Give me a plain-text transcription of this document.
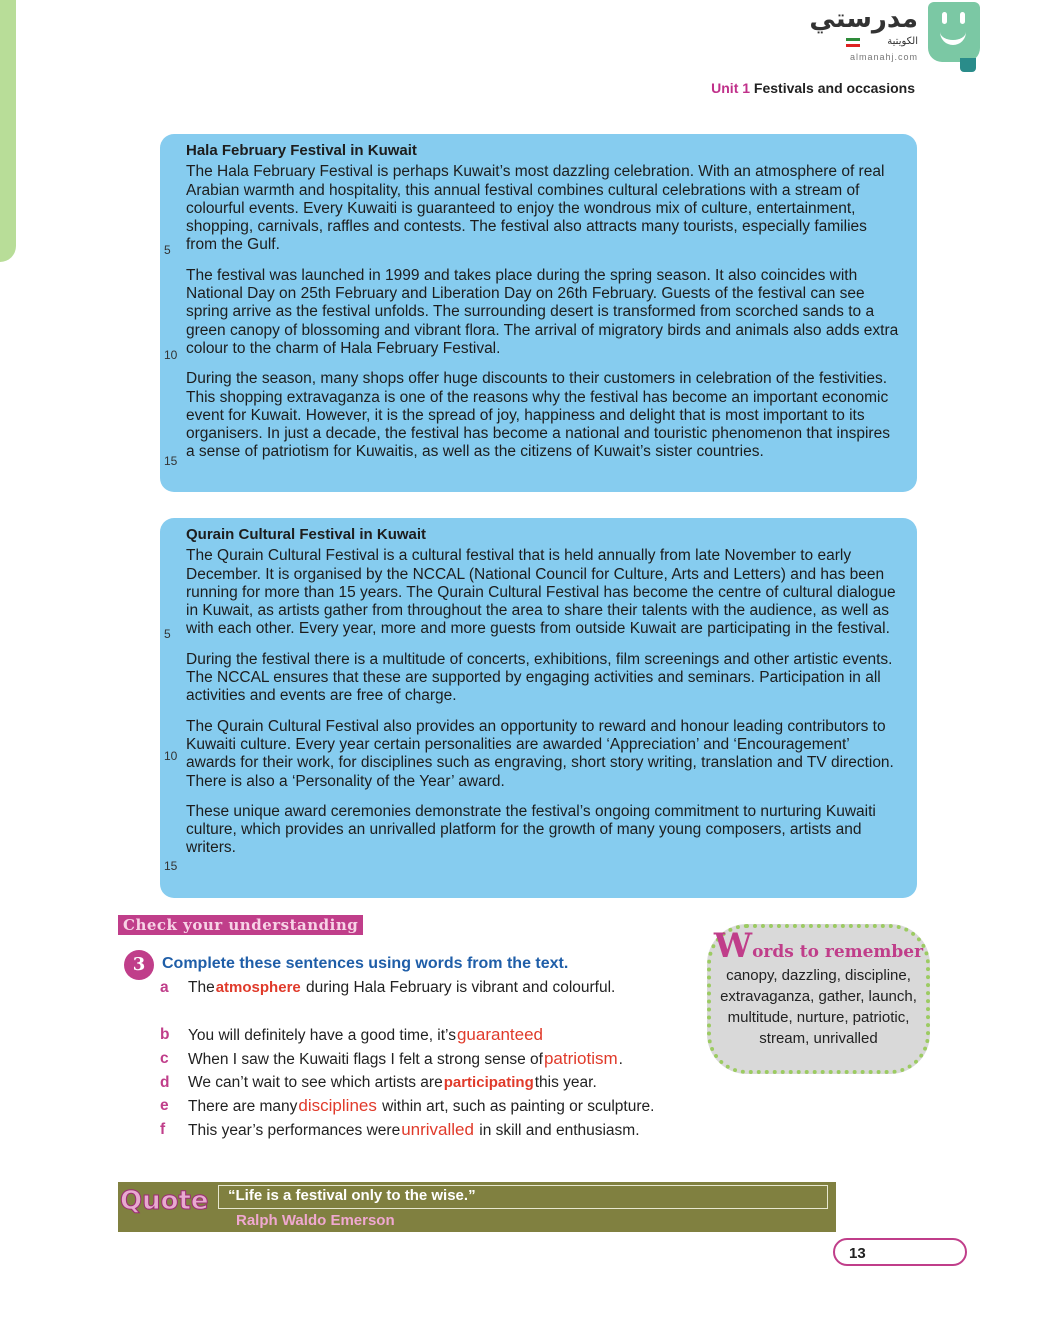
مدرستي
الكويتية
almanahj.com
Unit 1 Festivals and occasions
5
10
15
Hala February Festival in Kuwait

The Hala February Festival is perhaps Kuwait’s most dazzling celebration. With an atmosphere of real Arabian warmth and hospitality, this annual festival combines cultural celebrations with a stream of colourful events. Every Kuwaiti is guaranteed to enjoy the wondrous mix of culture, entertainment, shopping, carnivals, raffles and contests. The festival also attracts many tourists, especially families from the Gulf.

The festival was launched in 1999 and takes place during the spring season. It also coincides with National Day on 25th February and Liberation Day on 26th February. Guests of the festival can see spring arrive as the festival unfolds. The surrounding desert is transformed from scorched sands to a green canopy of blossoming and vibrant flora. The arrival of migratory birds and animals also adds extra colour to the charm of Hala February Festival.

During the season, many shops offer huge discounts to their customers in celebration of the festivities. This shopping extravaganza is one of the reasons why the festival has become an important economic event for Kuwait. However, it is the spread of joy, happiness and delight that is most important to its organisers. In just a decade, the festival has become a national and touristic phenomenon that inspires a sense of patriotism for Kuwaitis, as well as the citizens of Kuwait’s sister countries.

5
10
15
Qurain Cultural Festival in Kuwait

The Qurain Cultural Festival is a cultural festival that is held annually from late November to early December. It is organised by the NCCAL (National Council for Culture, Arts and Letters) and has been running for more than 15 years. The Qurain Cultural Festival has become the centre of cultural dialogue in Kuwait, as artists gather from throughout the area to share their talents with the audience, as well as with each other. Every year, more and more guests from outside Kuwait are participating in the festival.

During the festival there is a multitude of concerts, exhibitions, film screenings and other artistic events. The NCCAL ensures that these are supported by engaging activities and seminars. Participation in all activities and events are free of charge.

The Qurain Cultural Festival also provides an opportunity to reward and honour leading contributors to Kuwaiti culture. Every year certain personalities are awarded ‘Appreciation’ and ‘Encouragement’ awards for their work, for disciplines such as engraving, short story writing, translation and TV direction. There is also a ‘Personality of the Year’ award.

These unique award ceremonies demonstrate the festival’s ongoing commitment to nurturing Kuwaiti culture, which provides an unrivalled platform for the growth of many young composers, artists and writers.

Check your understanding
3	Complete these sentences using words from the text.
a	Theatmosphere during Hala February is vibrant and colourful.
b	You will definitely have a good time, it’sguaranteed
c	When I saw the Kuwaiti flags I felt a strong sense ofpatriotism.
d	We can’t wait to see which artists areparticipatingthis year.
e	There are manydisciplines within art, such as painting or sculpture.
f	This year’s performances wereunrivalled in skill and enthusiasm.
Words to remember
canopy, dazzling, discipline, extravaganza, gather, launch, multitude, nurture, patriotic, stream, unrivalled
Quote “Life is a festival only to the wise.”
Ralph Waldo Emerson
13
